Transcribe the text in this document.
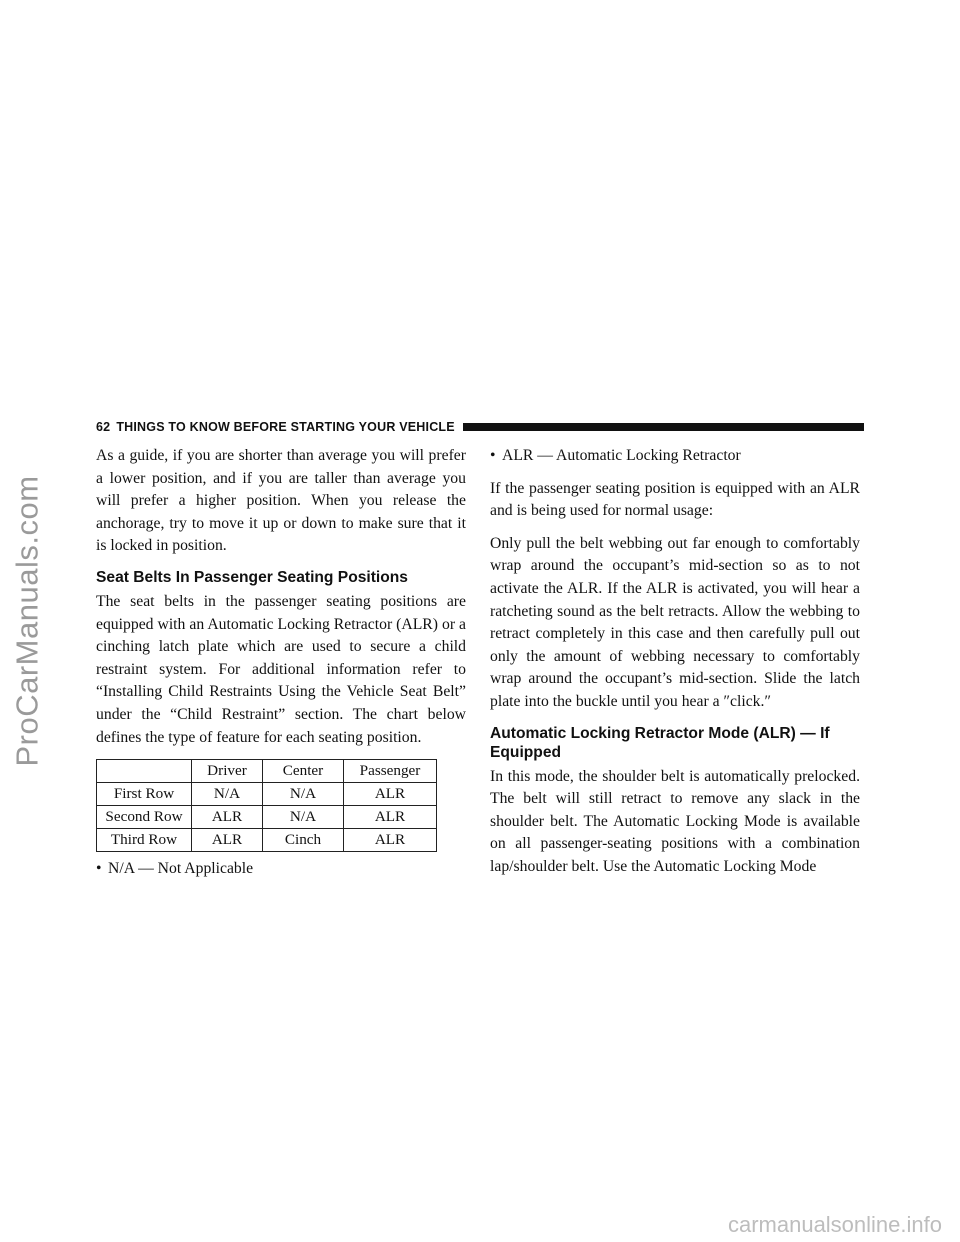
ProCarManuals.com
62 THINGS TO KNOW BEFORE STARTING YOUR VEHICLE

As a guide, if you are shorter than average you will prefer a lower position, and if you are taller than average you will prefer a higher position. When you release the anchorage, try to move it up or down to make sure that it is locked in position.

Seat Belts In Passenger Seating Positions

The seat belts in the passenger seating positions are equipped with an Automatic Locking Retractor (ALR) or a cinching latch plate which are used to secure a child restraint system. For additional information refer to “Installing Child Restraints Using the Vehicle Seat Belt” under the “Child Restraint” section. The chart below defines the type of feature for each seating position.

	Driver	Center	Passenger
First Row	N/A	N/A	ALR
Second Row	ALR	N/A	ALR
Third Row	ALR	Cinch	ALR
• N/A — Not Applicable
• ALR — Automatic Locking Retractor

If the passenger seating position is equipped with an ALR and is being used for normal usage:

Only pull the belt webbing out far enough to comfortably wrap around the occupant’s mid-section so as to not activate the ALR. If the ALR is activated, you will hear a ratcheting sound as the belt retracts. Allow the webbing to retract completely in this case and then carefully pull out only the amount of webbing necessary to comfortably wrap around the occupant’s mid-section. Slide the latch plate into the buckle until you hear a ″click.″

Automatic Locking Retractor Mode (ALR) — If Equipped

In this mode, the shoulder belt is automatically prelocked. The belt will still retract to remove any slack in the shoulder belt. The Automatic Locking Mode is available on all passenger-seating positions with a combination lap/shoulder belt. Use the Automatic Locking Mode

carmanualsonline.info
